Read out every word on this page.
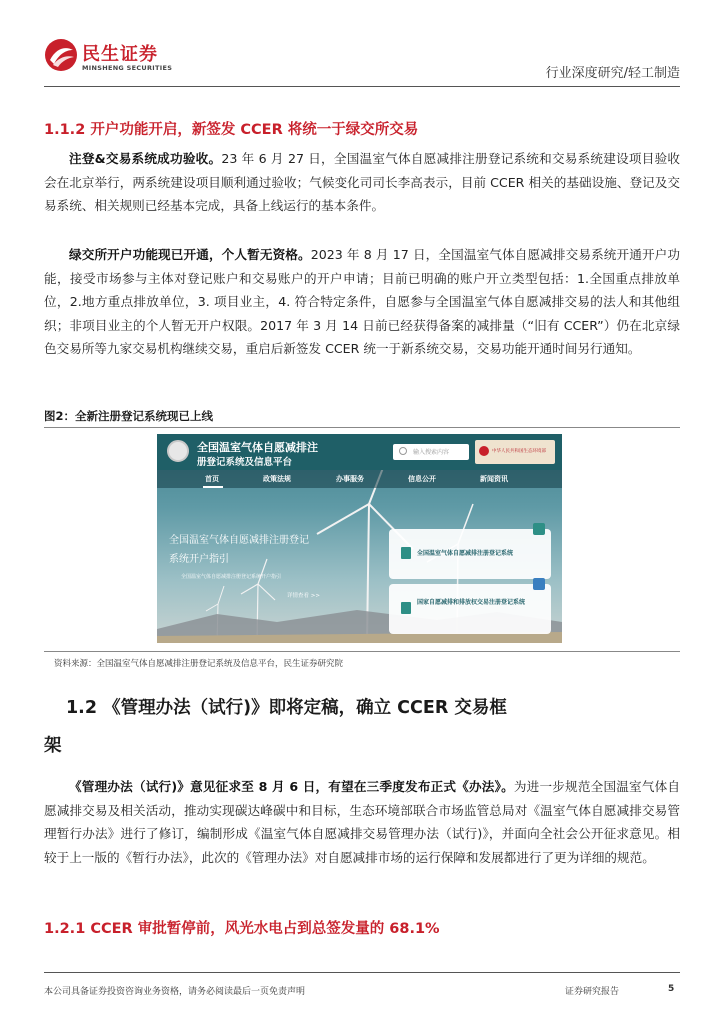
民生证券
MINSHENG SECURITIES	行业深度研究/轻工制造
1.1.2 开户功能开启，新签发 CCER 将统一于绿交所交易
注登&交易系统成功验收。23 年 6 月 27 日，全国温室气体自愿减排注册登记系统和交易系统建设项目验收会在北京举行，两系统建设项目顺利通过验收；气候变化司司长李高表示，目前 CCER 相关的基础设施、登记及交易系统、相关规则已经基本完成，具备上线运行的基本条件。
绿交所开户功能现已开通，个人暂无资格。2023 年 8 月 17 日，全国温室气体自愿减排交易系统开通开户功能，接受市场参与主体对登记账户和交易账户的开户申请；目前已明确的账户开立类型包括：1.全国重点排放单位，2.地方重点排放单位，3. 项目业主，4. 符合特定条件，自愿参与全国温室气体自愿减排交易的法人和其他组织；非项目业主的个人暂无开户权限。2017 年 3 月 14 日前已经获得备案的减排量（“旧有 CCER”）仍在北京绿色交易所等九家交易机构继续交易，重启后新签发 CCER 统一于新系统交易，交易功能开通时间另行通知。
图2：全新注册登记系统现已上线
全国温室气体自愿减排注
册登记系统及信息平台
输入搜索内容	中华人民共和国生态环境部
首页	政策法规	办事服务	信息公开	新闻资讯
全国温室气体自愿减排注册登记
系统开户指引
全国温室气体自愿减排注册登记系统开户指引
详情查看 >>
全国温室气体自愿减排注册登记系统
国家自愿减排和排放权交易注册登记系统
资料来源：全国温室气体自愿减排注册登记系统及信息平台，民生证券研究院
1.2 《管理办法（试行)》即将定稿，确立 CCER 交易框
架
《管理办法（试行)》意见征求至 8 月 6 日，有望在三季度发布正式《办法》。为进一步规范全国温室气体自愿减排交易及相关活动，推动实现碳达峰碳中和目标，生态环境部联合市场监管总局对《温室气体自愿减排交易管理暂行办法》进行了修订，编制形成《温室气体自愿减排交易管理办法（试行)》，并面向全社会公开征求意见。相较于上一版的《暂行办法》，此次的《管理办法》对自愿减排市场的运行保障和发展都进行了更为详细的规范。
1.2.1 CCER 审批暂停前，风光水电占到总签发量的 68.1%
本公司具备证券投资咨询业务资格，请务必阅读最后一页免责声明	证券研究报告	5
